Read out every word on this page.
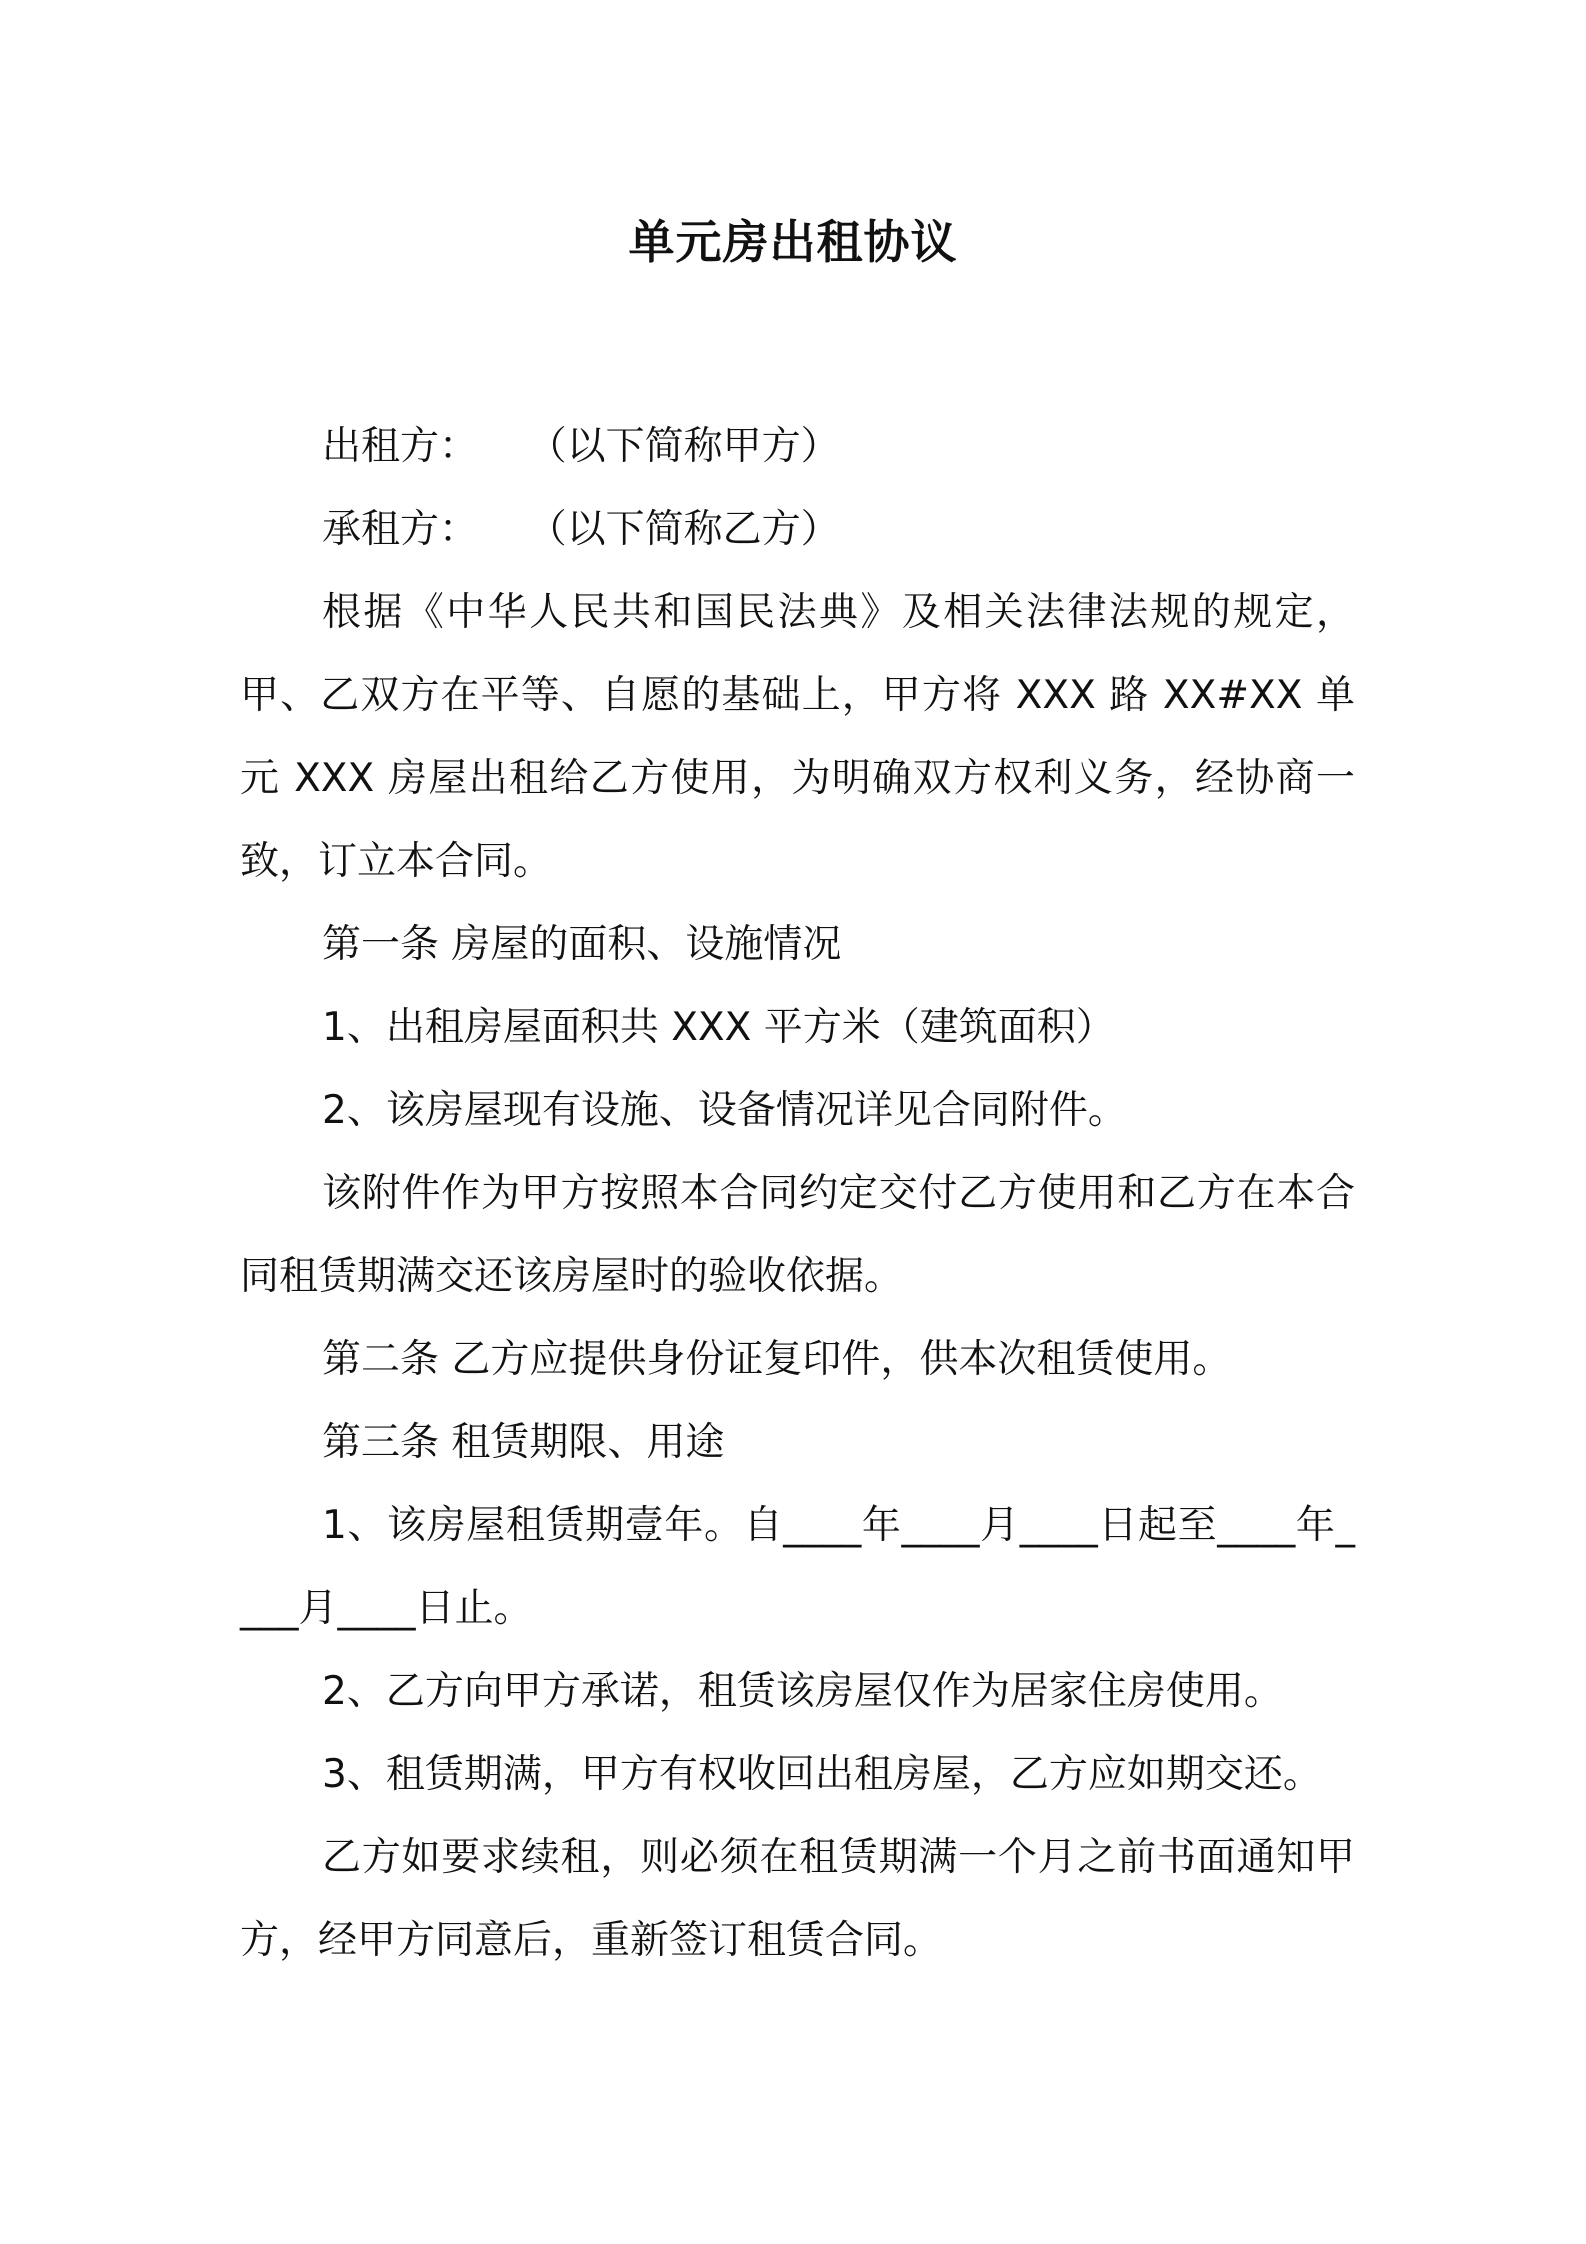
单元房出租协议

出租方：    （以下简称甲方）

承租方：    （以下简称乙方）

根据《中华人民共和国民法典》及相关法律法规的规定，甲、乙双方在平等、自愿的基础上，甲方将 XXX 路 XX#XX 单元 XXX 房屋出租给乙方使用，为明确双方权利义务，经协商一致，订立本合同。

第一条 房屋的面积、设施情况

1、出租房屋面积共 XXX 平方米（建筑面积）

2、该房屋现有设施、设备情况详见合同附件。

该附件作为甲方按照本合同约定交付乙方使用和乙方在本合同租赁期满交还该房屋时的验收依据。

第二条 乙方应提供身份证复印件，供本次租赁使用。

第三条 租赁期限、用途

1、该房屋租赁期壹年。自____年____月____日起至____年____月____日止。

2、乙方向甲方承诺，租赁该房屋仅作为居家住房使用。

3、租赁期满，甲方有权收回出租房屋，乙方应如期交还。

乙方如要求续租，则必须在租赁期满一个月之前书面通知甲方，经甲方同意后，重新签订租赁合同。
